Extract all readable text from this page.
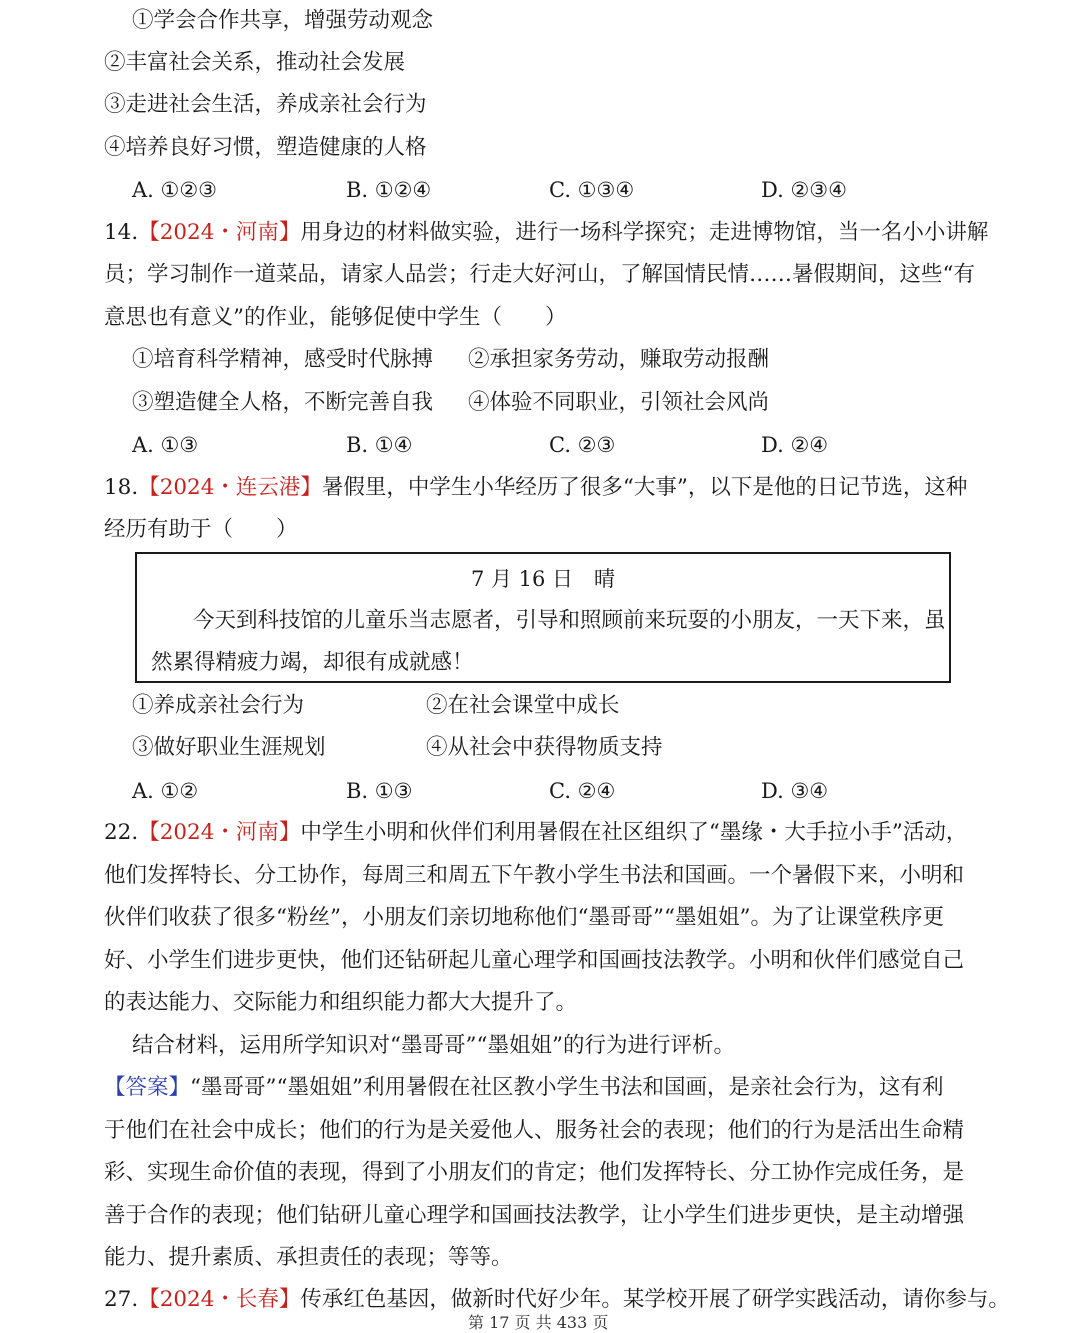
①学会合作共享，增强劳动观念
②丰富社会关系，推动社会发展
③走进社会生活，养成亲社会行为
④培养良好习惯，塑造健康的人格
A. ①②③	B. ①②④	C. ①③④	D. ②③④
14.【2024・河南】用身边的材料做实验，进行一场科学探究；走进博物馆，当一名小小讲解
员；学习制作一道菜品，请家人品尝；行走大好河山，了解国情民情……暑假期间，这些“有
意思也有意义”的作业，能够促使中学生（　　）
①培育科学精神，感受时代脉搏 ②承担家务劳动，赚取劳动报酬
③塑造健全人格，不断完善自我 ④体验不同职业，引领社会风尚
A. ①③	B. ①④	C. ②③	D. ②④
18.【2024・连云港】暑假里，中学生小华经历了很多“大事”，以下是他的日记节选，这种
经历有助于（　　）
7 月 16 日　晴
今天到科技馆的儿童乐当志愿者，引导和照顾前来玩耍的小朋友，一天下来，虽
然累得精疲力竭，却很有成就感！
①养成亲社会行为	②在社会课堂中成长
③做好职业生涯规划	④从社会中获得物质支持
A. ①②	B. ①③	C. ②④	D. ③④
22.【2024・河南】中学生小明和伙伴们利用暑假在社区组织了“墨缘・大手拉小手”活动，
他们发挥特长、分工协作，每周三和周五下午教小学生书法和国画。一个暑假下来，小明和
伙伴们收获了很多“粉丝”，小朋友们亲切地称他们“墨哥哥”“墨姐姐”。为了让课堂秩序更
好、小学生们进步更快，他们还钻研起儿童心理学和国画技法教学。小明和伙伴们感觉自己
的表达能力、交际能力和组织能力都大大提升了。
结合材料，运用所学知识对“墨哥哥”“墨姐姐”的行为进行评析。
【答案】“墨哥哥”“墨姐姐”利用暑假在社区教小学生书法和国画，是亲社会行为，这有利
于他们在社会中成长；他们的行为是关爱他人、服务社会的表现；他们的行为是活出生命精
彩、实现生命价值的表现，得到了小朋友们的肯定；他们发挥特长、分工协作完成任务，是
善于合作的表现；他们钻研儿童心理学和国画技法教学，让小学生们进步更快，是主动增强
能力、提升素质、承担责任的表现；等等。
27.【2024・长春】传承红色基因，做新时代好少年。某学校开展了研学实践活动，请你参与。
第 17 页 共 433 页
